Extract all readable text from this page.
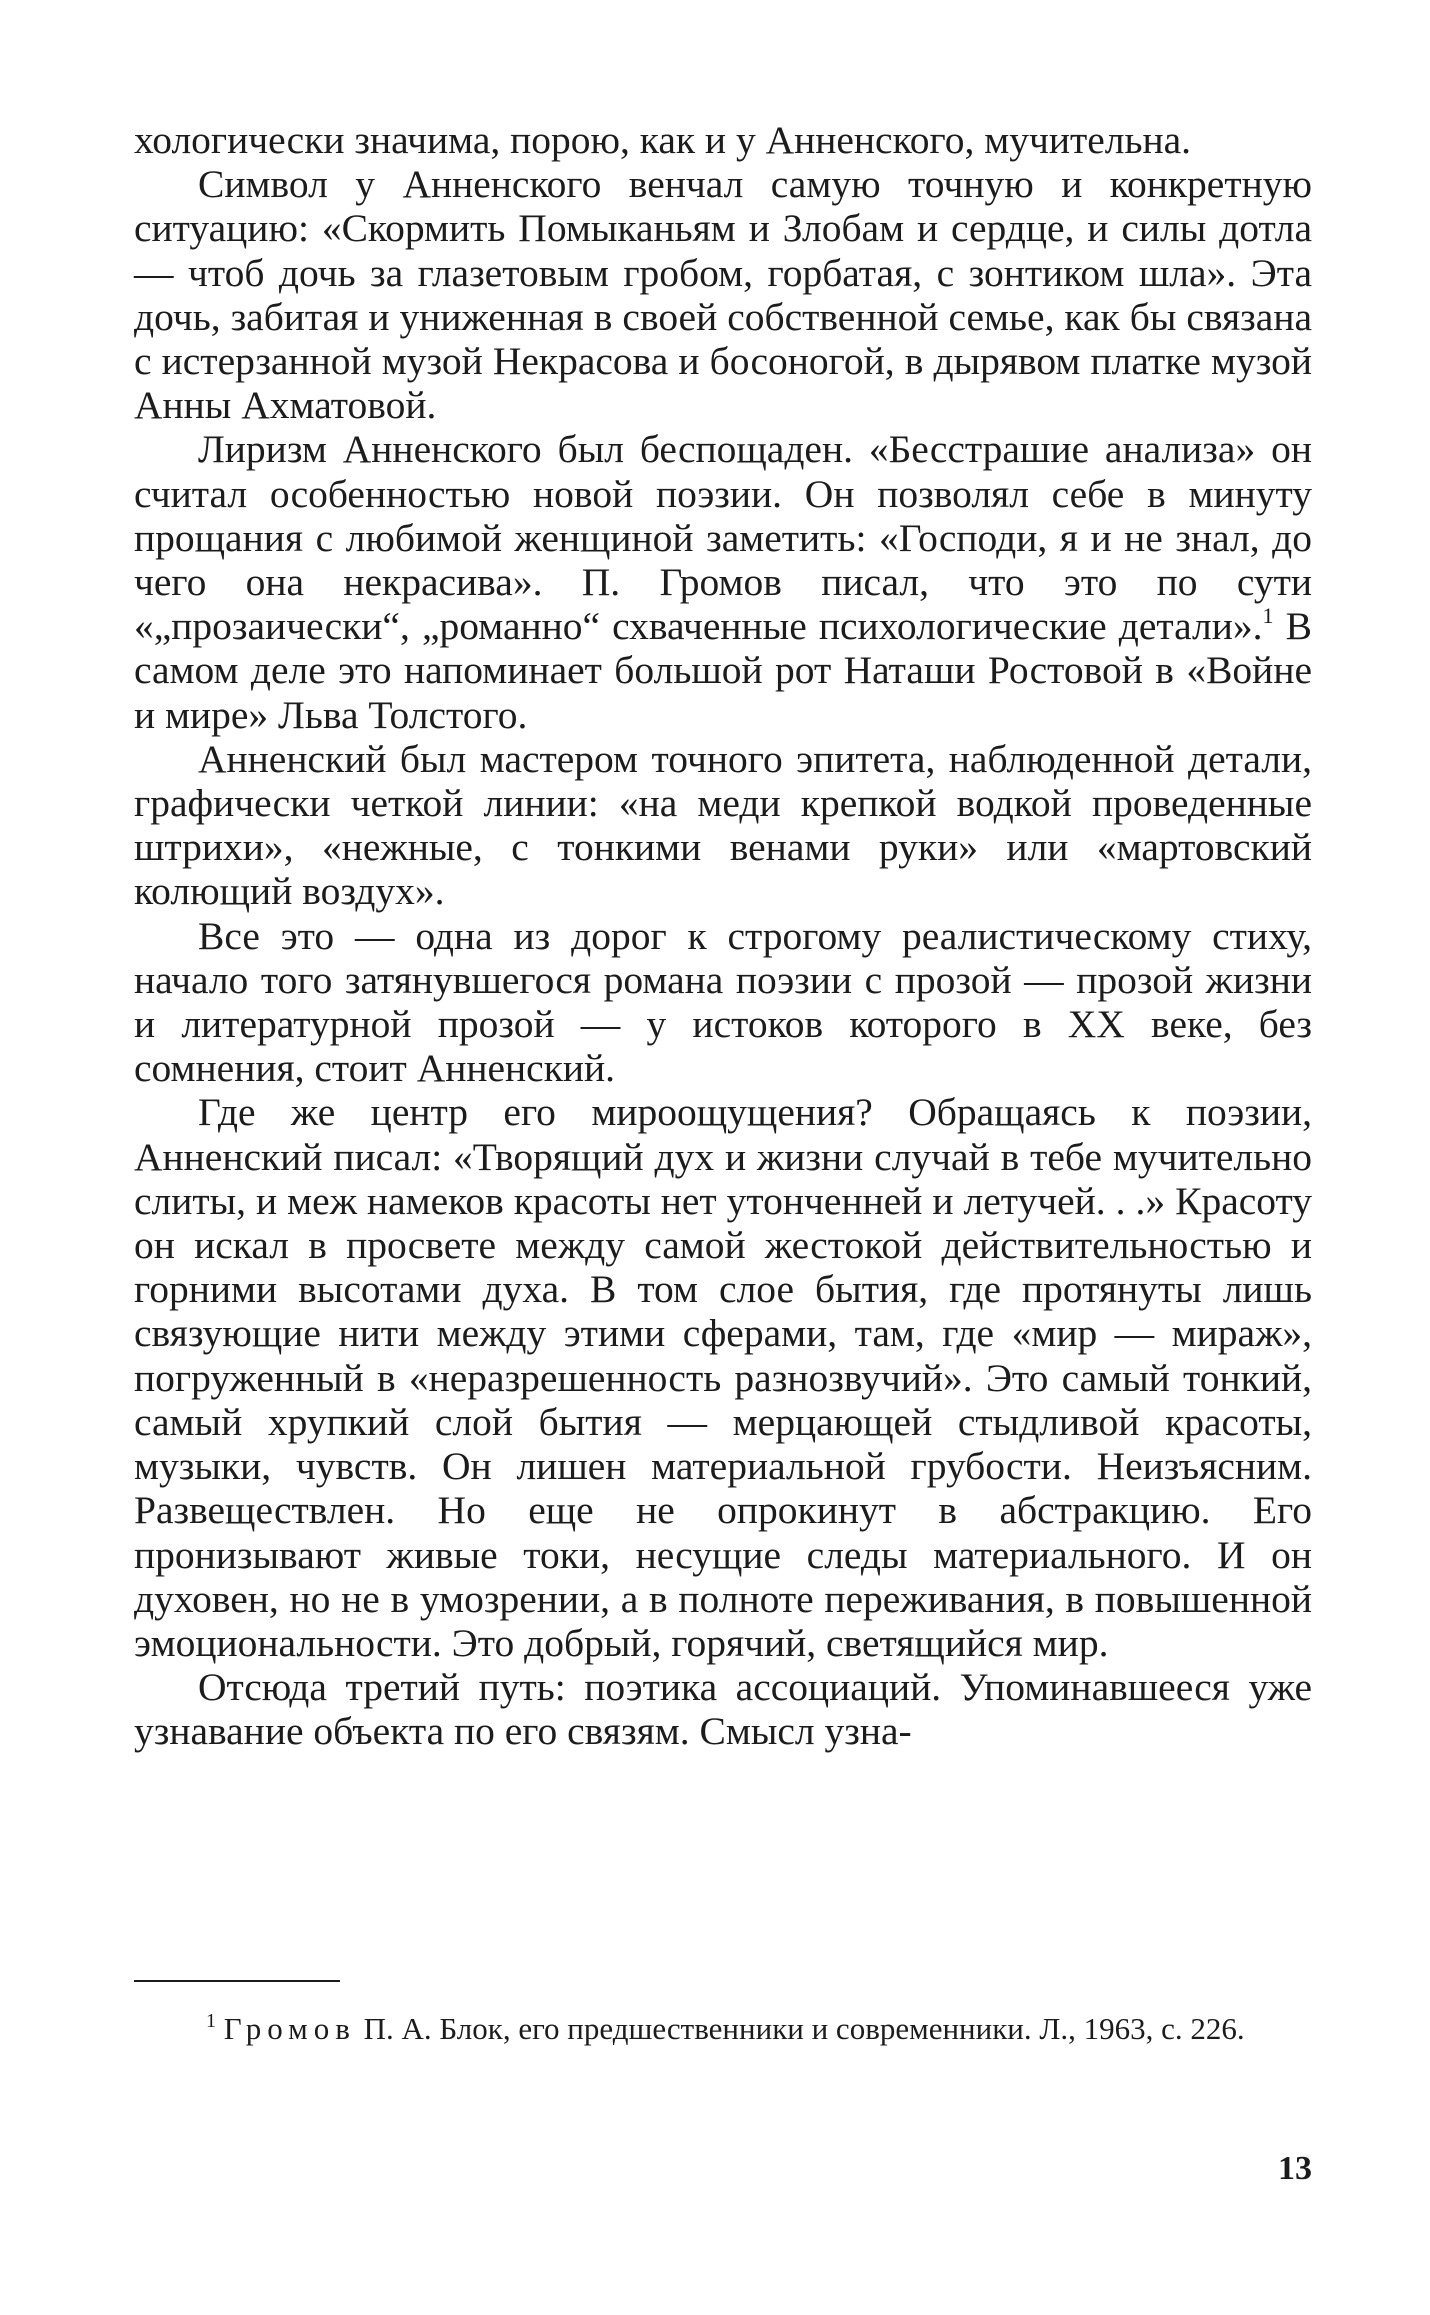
хологически значима, порою, как и у Анненского, мучительна.

Символ у Анненского венчал самую точную и конкретную ситуацию: «Скормить Помыканьям и Злобам и сердце, и силы дотла — чтоб дочь за глазетовым гробом, горбатая, с зонтиком шла». Эта дочь, забитая и униженная в своей собственной семье, как бы связана с истерзанной музой Некрасова и босоногой, в дырявом платке музой Анны Ахматовой.

Лиризм Анненского был беспощаден. «Бесстрашие анализа» он считал особенностью новой поэзии. Он позволял себе в минуту прощания с любимой женщиной заметить: «Господи, я и не знал, до чего она некрасива». П. Громов писал, что это по сути «„прозаически“, „романно“ схваченные психологические детали».$^1$ В самом деле это напоминает большой рот Наташи Ростовой в «Войне и мире» Льва Толстого.

Анненский был мастером точного эпитета, наблюденной детали, графически четкой линии: «на меди крепкой водкой проведенные штрихи», «нежные, с тонкими венами руки» или «мартовский колющий воздух».

Все это — одна из дорог к строгому реалистическому стиху, начало того затянувшегося романа поэзии с прозой — прозой жизни и литературной прозой — у истоков которого в XX веке, без сомнения, стоит Анненский.

Где же центр его мироощущения? Обращаясь к поэзии, Анненский писал: «Творящий дух и жизни случай в тебе мучительно слиты, и меж намеков красоты нет утонченней и летучей. . .» Красоту он искал в просвете между самой жестокой действительностью и горними высотами духа. В том слое бытия, где протянуты лишь связующие нити между этими сферами, там, где «мир — мираж», погруженный в «неразрешенность разнозвучий». Это самый тонкий, самый хрупкий слой бытия — мерцающей стыдливой красоты, музыки, чувств. Он лишен материальной грубости. Неизъясним. Развеществлен. Но еще не опрокинут в абстракцию. Его пронизывают живые токи, несущие следы материального. И он духовен, но не в умозрении, а в полноте переживания, в повышенной эмоциональности. Это добрый, горячий, светящийся мир.

Отсюда третий путь: поэтика ассоциаций. Упоминавшееся уже узнавание объекта по его связям. Смысл узна-

$^1$ Громов П. А. Блок, его предшественники и современники. Л., 1963, с. 226.

13
